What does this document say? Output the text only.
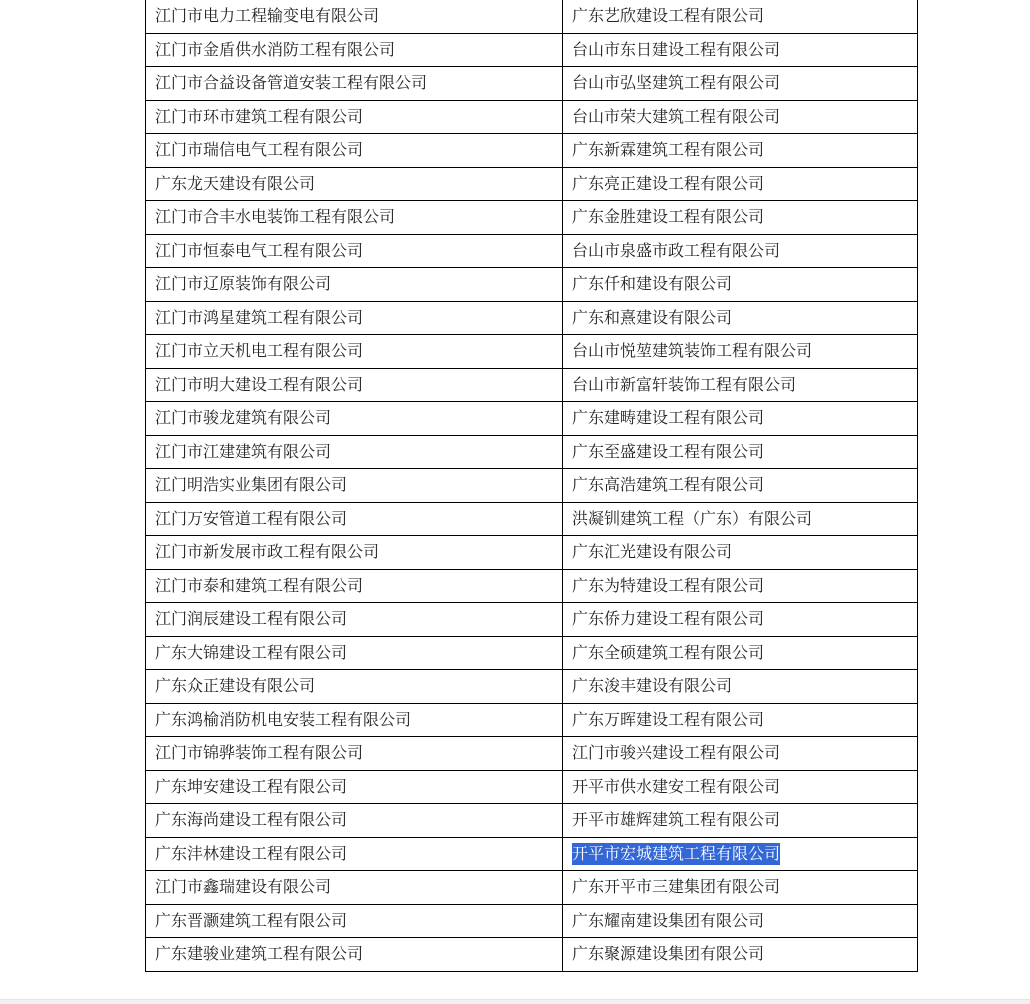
江门市电力工程输变电有限公司	广东艺欣建设工程有限公司
江门市金盾供水消防工程有限公司	台山市东日建设工程有限公司
江门市合益设备管道安装工程有限公司	台山市弘坚建筑工程有限公司
江门市环市建筑工程有限公司	台山市荣大建筑工程有限公司
江门市瑞信电气工程有限公司	广东新霖建筑工程有限公司
广东龙天建设有限公司	广东亮正建设工程有限公司
江门市合丰水电装饰工程有限公司	广东金胜建设工程有限公司
江门市恒泰电气工程有限公司	台山市泉盛市政工程有限公司
江门市辽原装饰有限公司	广东仟和建设有限公司
江门市鸿星建筑工程有限公司	广东和熹建设有限公司
江门市立天机电工程有限公司	台山市悦堃建筑装饰工程有限公司
江门市明大建设工程有限公司	台山市新富轩装饰工程有限公司
江门市骏龙建筑有限公司	广东建畴建设工程有限公司
江门市江建建筑有限公司	广东至盛建设工程有限公司
江门明浩实业集团有限公司	广东高浩建筑工程有限公司
江门万安管道工程有限公司	洪凝钏建筑工程（广东）有限公司
江门市新发展市政工程有限公司	广东汇光建设有限公司
江门市泰和建筑工程有限公司	广东为特建设工程有限公司
江门润辰建设工程有限公司	广东侨力建设工程有限公司
广东大锦建设工程有限公司	广东全硕建筑工程有限公司
广东众正建设有限公司	广东浚丰建设有限公司
广东鸿榆消防机电安装工程有限公司	广东万晖建设工程有限公司
江门市锦骅装饰工程有限公司	江门市骏兴建设工程有限公司
广东坤安建设工程有限公司	开平市供水建安工程有限公司
广东海尚建设工程有限公司	开平市雄辉建筑工程有限公司
广东沣林建设工程有限公司	开平市宏城建筑工程有限公司
江门市鑫瑞建设有限公司	广东开平市三建集团有限公司
广东晋灏建筑工程有限公司	广东耀南建设集团有限公司
广东建骏业建筑工程有限公司	广东聚源建设集团有限公司
